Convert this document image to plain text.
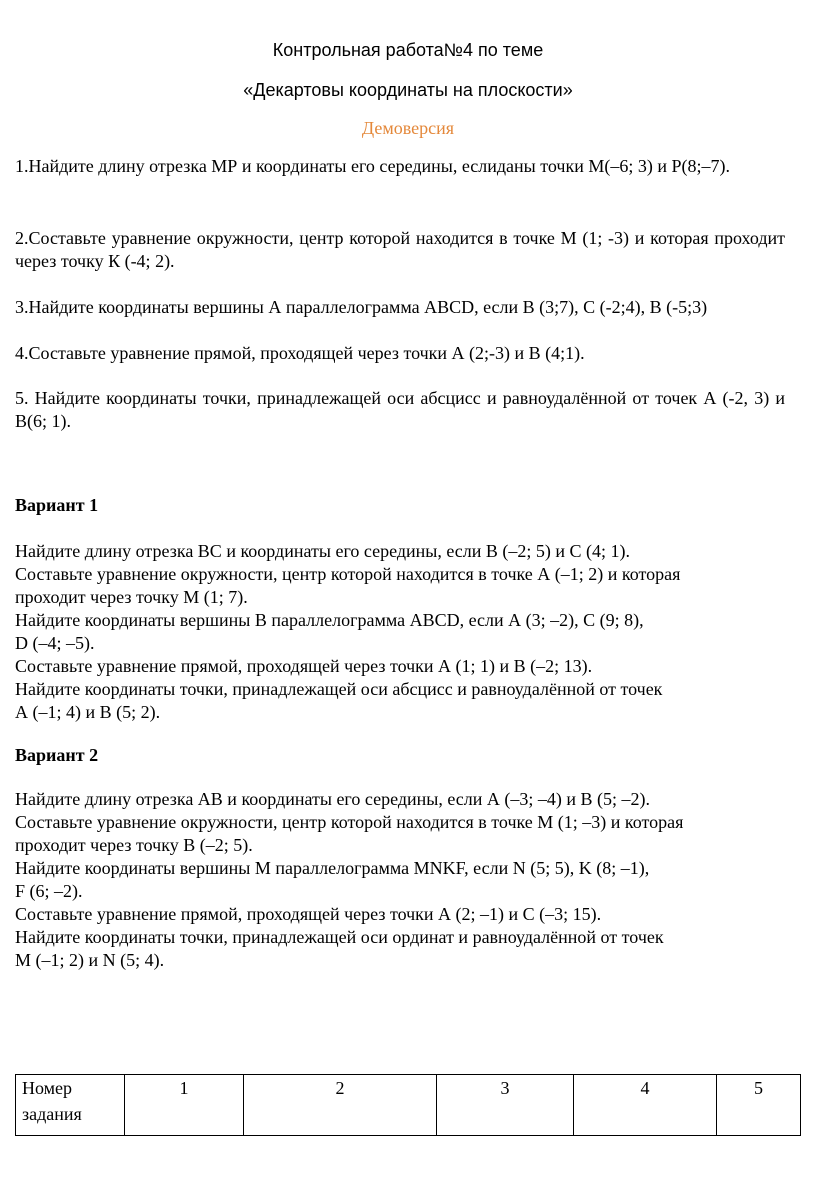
Контрольная работа№4 по теме
«Декартовы координаты на плоскости»
Демоверсия
1.Найдите длину отрезка МР и координаты его середины, еслиданы точки М(–6; 3) и Р(8;–7).
2.Составьте уравнение окружности, центр которой находится в точке М (1; -3) и которая проходит через точку К (-4; 2).
3.Найдите координаты вершины А параллелограмма ABCD, если В (3;7), С (-2;4), В (-5;3)
4.Составьте уравнение прямой, проходящей через точки А (2;-3) и В (4;1).
5. Найдите координаты точки, принадлежащей оси абсцисс и равноудалённой от точек А (-2, 3) и В(6; 1).
Вариант 1
Найдите длину отрезка ВС и координаты его середины, если В (–2; 5) и С (4; 1).
Составьте уравнение окружности, центр которой находится в точке А (–1; 2) и которая
проходит через точку М (1; 7).
Найдите координаты вершины В параллелограмма ABCD, если А (3; –2), С (9; 8),
D (–4; –5).
Составьте уравнение прямой, проходящей через точки А (1; 1) и В (–2; 13).
Найдите координаты точки, принадлежащей оси абсцисс и равноудалённой от точек
А (–1; 4) и В (5; 2).
Вариант 2
Найдите длину отрезка АВ и координаты его середины, если А (–3; –4) и В (5; –2).
Составьте уравнение окружности, центр которой находится в точке М (1; –3) и которая
проходит через точку В (–2; 5).
Найдите координаты вершины М параллелограмма MNKF, если N (5; 5), K (8; –1),
F (6; –2).
Составьте уравнение прямой, проходящей через точки А (2; –1) и С (–3; 15).
Найдите координаты точки, принадлежащей оси ординат и равноудалённой от точек
М (–1; 2) и N (5; 4).
Номер
задания
	1	2	3	4	5
